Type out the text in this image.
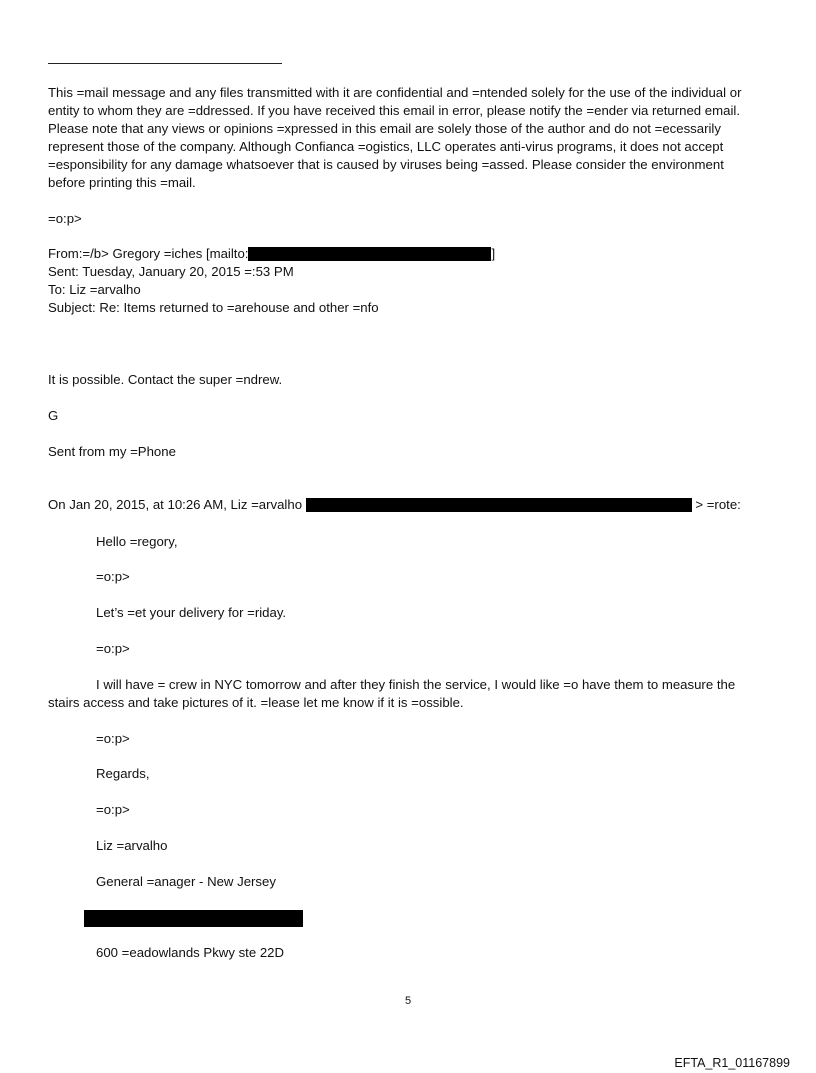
This =mail message and any files transmitted with it are confidential and =ntended solely for the use of the individual or
entity to whom they are =ddressed. If you have received this email in error, please notify the =ender via returned email.
Please note that any views or opinions =xpressed in this email are solely those of the author and do not =ecessarily
represent those of the company. Although Confianca =ogistics, LLC operates anti-virus programs, it does not accept
=esponsibility for any damage whatsoever that is caused by viruses being =assed. Please consider the environment
before printing this =mail.
=o:p>
From:=/b> Gregory =iches [mailto:	]
Sent: Tuesday, January 20, 2015 =:53 PM
To: Liz =arvalho
Subject: Re: Items returned to =arehouse and other =nfo
It is possible. Contact the super =ndrew.
G
Sent from my =Phone
On Jan 20, 2015, at 10:26 AM, Liz =arvalho	> =rote:
Hello =regory,
=o:p>
Let’s =et your delivery for =riday.
=o:p>
I will have = crew in NYC tomorrow and after they finish the service, I would like =o have them to measure the
stairs access and take pictures of it. =lease let me know if it is =ossible.
=o:p>
Regards,
=o:p>
Liz =arvalho
General =anager - New Jersey
600 =eadowlands Pkwy ste 22D
5
EFTA_R1_01167899
